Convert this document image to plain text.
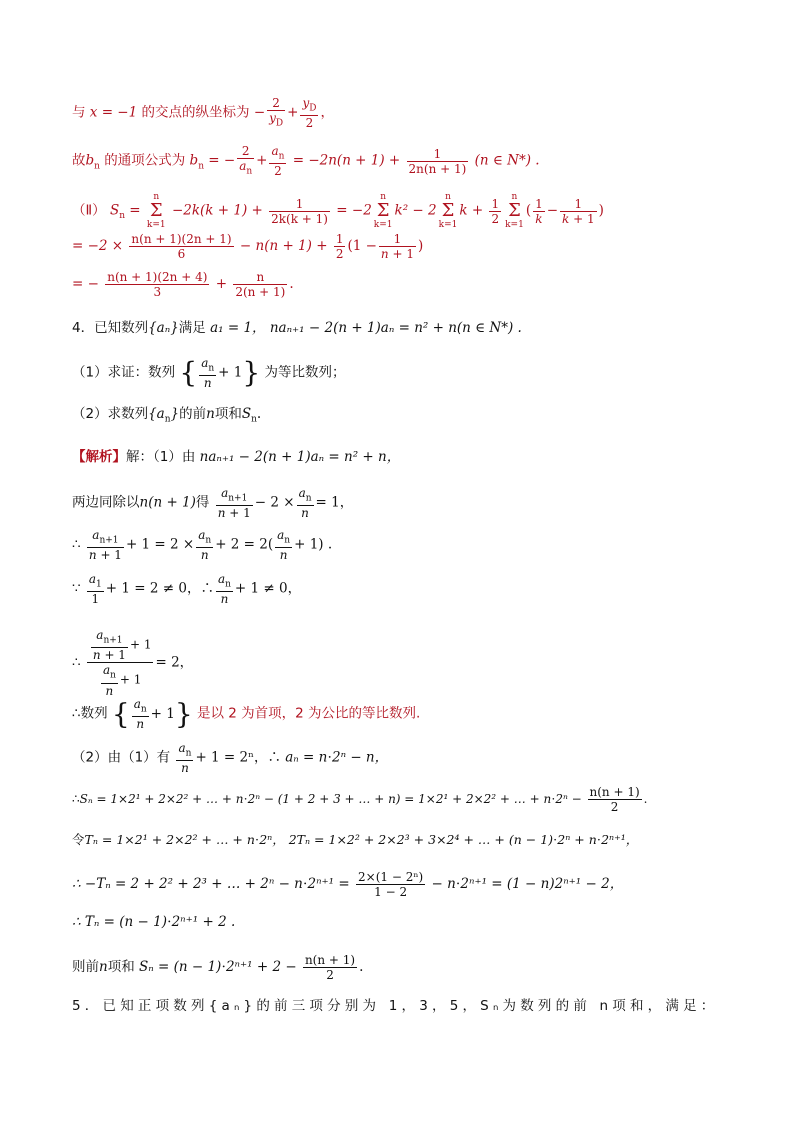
与 x = −1 的交点的纵坐标为 − $\frac{2}{y_D} + \frac{y_D}{2}$ ，
故$b_n$ 的通项公式为 $b_n$ = − $\frac{2}{a_n} + \frac{a_n}{2} = -2n(n + 1) + \frac{1}{2n(n + 1)} (n$ ∈ N*) .
（Ⅱ） $S_n = n$
Σ
$k=1 -2k(k + 1) + \frac{1}{2k(k + 1)} = -2n$
Σ
k=1k² − 2n
Σ
$k=1k + \frac{1}{2}$ n
Σ
$k=1( \frac{1}{k} - \frac{1}{k + 1}$ )
= $-2 \times \frac{n(n + 1)(2n + 1)}{6} - n(n + 1) + \frac{1}{2} (1 - \frac{1}{n + 1}$ )
= − $\frac{n(n + 1)(2n + 4)}{3} + \frac{n}{2(n + 1)}$ .
4．已知数列{aₙ}满足 a₁ = 1， naₙ₊₁ − 2(n + 1)aₙ = n² + n(n ∈ N*) .
（1）求证：数列 { $\frac{a_n}{n} + 1$} 为等比数列；
（2）求数列$\{a_n\}$的前n项和$S_n$.
【解析】解：（1）由 naₙ₊₁ − 2(n + 1)aₙ = n² + n，
两边同除以n(n + 1)得 $\frac{a_{n+1}}{n + 1} - 2 \times \frac{a_n}{n} = 1$，
∴ $\frac{a_{n+1}}{n + 1} + 1 = 2 \times \frac{a_n}{n} + 2 = 2( \frac{a_n}{n} + 1)$ .
∵ $\frac{a_1}{1} + 1 = 2 \ne 0$，∴ $\frac{a_n}{n} + 1 \ne 0$，
∴ $\frac{\frac{a_{n+1}}{n + 1} + 1}{\frac{a_n}{n} + 1} = 2$，
∴数列 { $\frac{a_n}{n} + 1$} 是以 2 为首项，2 为公比的等比数列.
（2）由（1）有 $\frac{a_n}{n} + 1 = 2^n$，∴ aₙ = n⋅2ⁿ − n，
∴Sₙ = 1×2¹ + 2×2² + … + n⋅2ⁿ − (1 + 2 + 3 + … + n) = 1×2¹ + 2×2² + … + $n\cdot 2^n - \frac{n(n + 1)}{2}$ .
令Tₙ = 1×2¹ + 2×2² + … + n⋅2ⁿ， 2Tₙ = 1×2² + 2×2³ + 3×2⁴ + … + (n − 1)⋅2ⁿ + n⋅2ⁿ⁺¹，
∴ −Tₙ = 2 + 2² + 2³ + … + $2^n - n\cdot 2^{n+1} = \frac{\text{2×(1 − 2ⁿ)}}{1 - 2} - n\cdot 2^{n+1} = (1 - n)2^{n+1} - 2$，
∴ Tₙ = (n − 1)⋅2ⁿ⁺¹ + 2 .
则前n项和 $S_n = (n - 1)\cdot 2^{n+1} + 2 - \frac{n(n + 1)}{2}$ .
5．已知正项数列{aₙ}的前三项分别为 1，3，5，Sₙ为数列的前 n项和，满足：
